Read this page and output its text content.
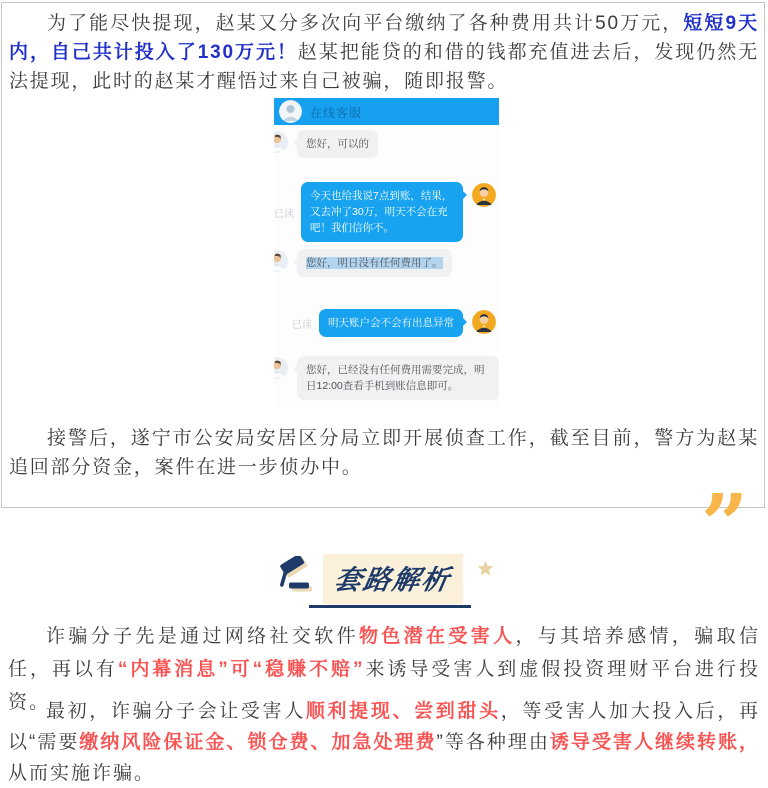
为了能尽快提现，赵某又分多次向平台缴纳了各种费用共计50万元，短短9天内，自己共计投入了130万元！赵某把能贷的和借的钱都充值进去后，发现仍然无法提现，此时的赵某才醒悟过来自己被骗，随即报警。

在线客服
您好，可以的
已读
今天也给我说7点到账，结果，又去冲了30万，明天不会在充吧！我们信你不。
您好，明日没有任何费用了。
已读	明天账户会不会有出息异常
您好，已经没有任何费用需要完成，明日12:00查看手机到账信息即可。

接警后，遂宁市公安局安居区分局立即开展侦查工作，截至目前，警方为赵某追回部分资金，案件在进一步侦办中。

”
套路解析

诈骗分子先是通过网络社交软件物色潜在受害人，与其培养感情，骗取信任，再以有“内幕消息”可“稳赚不赔”来诱导受害人到虚假投资理财平台进行投资。

最初，诈骗分子会让受害人顺利提现、尝到甜头，等受害人加大投入后，再以“需要缴纳风险保证金、锁仓费、加急处理费”等各种理由诱导受害人继续转账，从而实施诈骗。
